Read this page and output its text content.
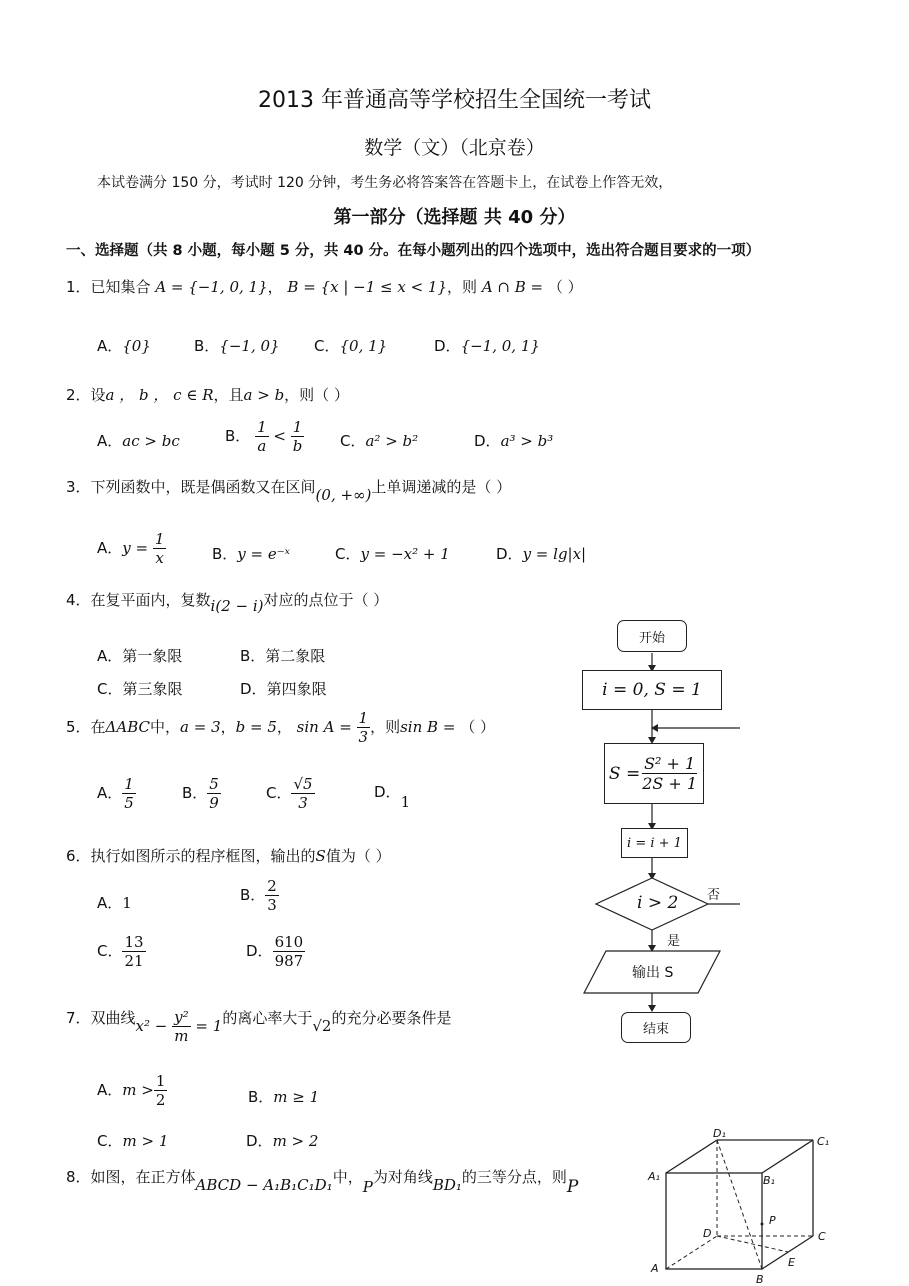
2013 年普通高等学校招生全国统一考试
数学（文）（北京卷）
本试卷满分 150 分，考试时 120 分钟，考生务必将答案答在答题卡上，在试卷上作答无效，
第一部分（选择题 共 40 分）
一、选择题（共 8 小题，每小题 5 分，共 40 分。在每小题列出的四个选项中，选出符合题目要求的一项）
1．已知集合 A = {−1, 0, 1}， B = {x | −1 ≤ x < 1}，则 A ∩ B = （ ）
A．{0}	B．{−1, 0} C．{0, 1}	D．{−1, 0, 1}
2．设a ， b ， c ∈ R，且a > b，则（ ）
A．ac > bc	B． $\frac{1}{a} < \frac{1}{b}$ C．a² > b²	D．a³ > b³
3．下列函数中，既是偶函数又在区间(0, +∞)上单调递减的是（ ）
A．$y = \frac{1}{x}$	B．y = e⁻ˣ	C．y = −x² + 1	D．y = lg|x|
4．在复平面内，复数i(2 − i)对应的点位于（ ）
A．第一象限	B．第二象限
C．第三象限	D．第四象限
5．在ΔABC中，a = 3，b = 5， $\sin A = \frac{1}{3}$ ，则sin B = （ ）
A． $\frac{1}{5}$	B． $\frac{5}{9}$	C． $\frac{√5}{3}$	D．1
6．执行如图所示的程序框图，输出的S值为（ ）
A．1	B． $\frac{2}{3}$
C． $\frac{13}{21}$	D． $\frac{610}{987}$
7．双曲线$x^2 - \frac{\text{y²}}{m} = 1$的离心率大于√2的充分必要条件是
A．$m > \frac{1}{2}$	B．m ≥ 1
C．m > 1	D．m > 2
8．如图，在正方体ABCD − A₁B₁C₁D₁中，P为对角线BD₁的三等分点，则P
开始
i = 0, S = 1
$S = \frac{\text{S² + 1}}{2S + 1}$
i = i + 1
i > 2 否
是
输出 S
结束
D₁
C₁
A₁	B₁
P
D	C
A
B
E
